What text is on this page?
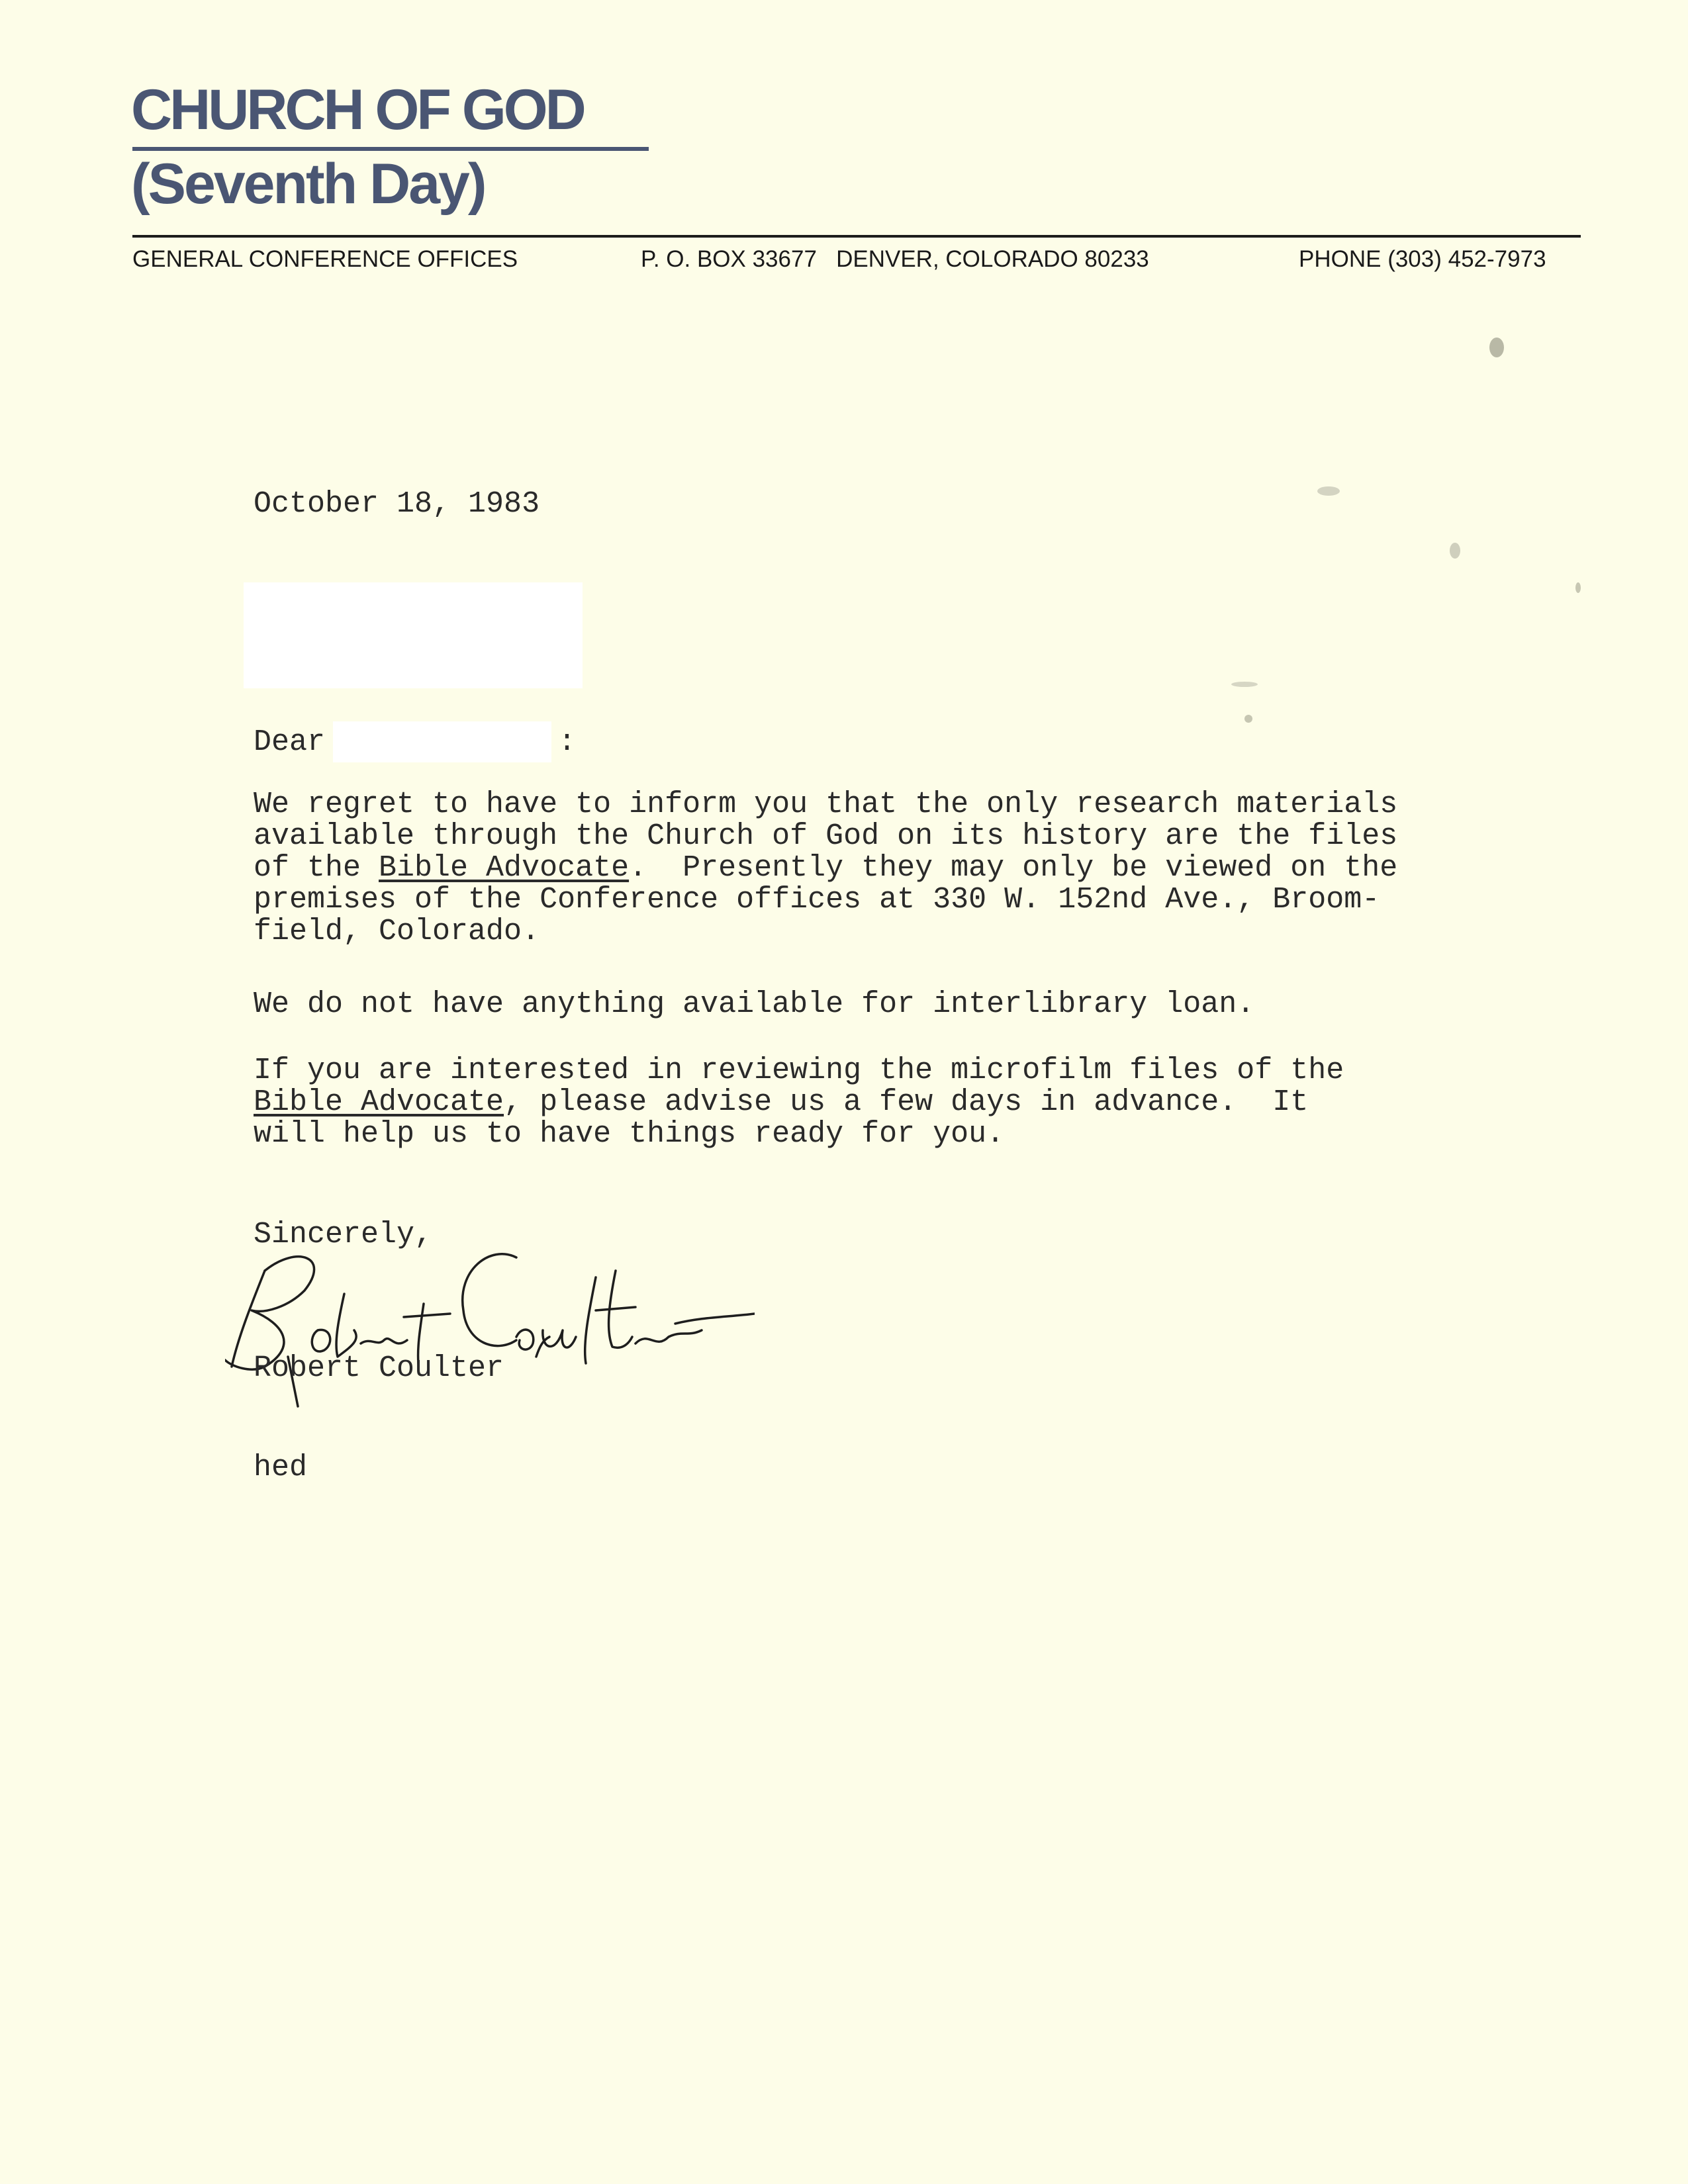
CHURCH OF GOD
(Seventh Day)
GENERAL CONFERENCE OFFICES	P. O. BOX 33677   DENVER, COLORADO 80233	PHONE (303) 452-7973
October 18, 1983
Dear	:
We regret to have to inform you that the only research materials
available through the Church of God on its history are the files
of the Bible Advocate.  Presently they may only be viewed on the
premises of the Conference offices at 330 W. 152nd Ave., Broom-
field, Colorado.
We do not have anything available for interlibrary loan.
If you are interested in reviewing the microfilm files of the
Bible Advocate, please advise us a few days in advance.  It
will help us to have things ready for you.
Sincerely,
Robert Coulter
hed
